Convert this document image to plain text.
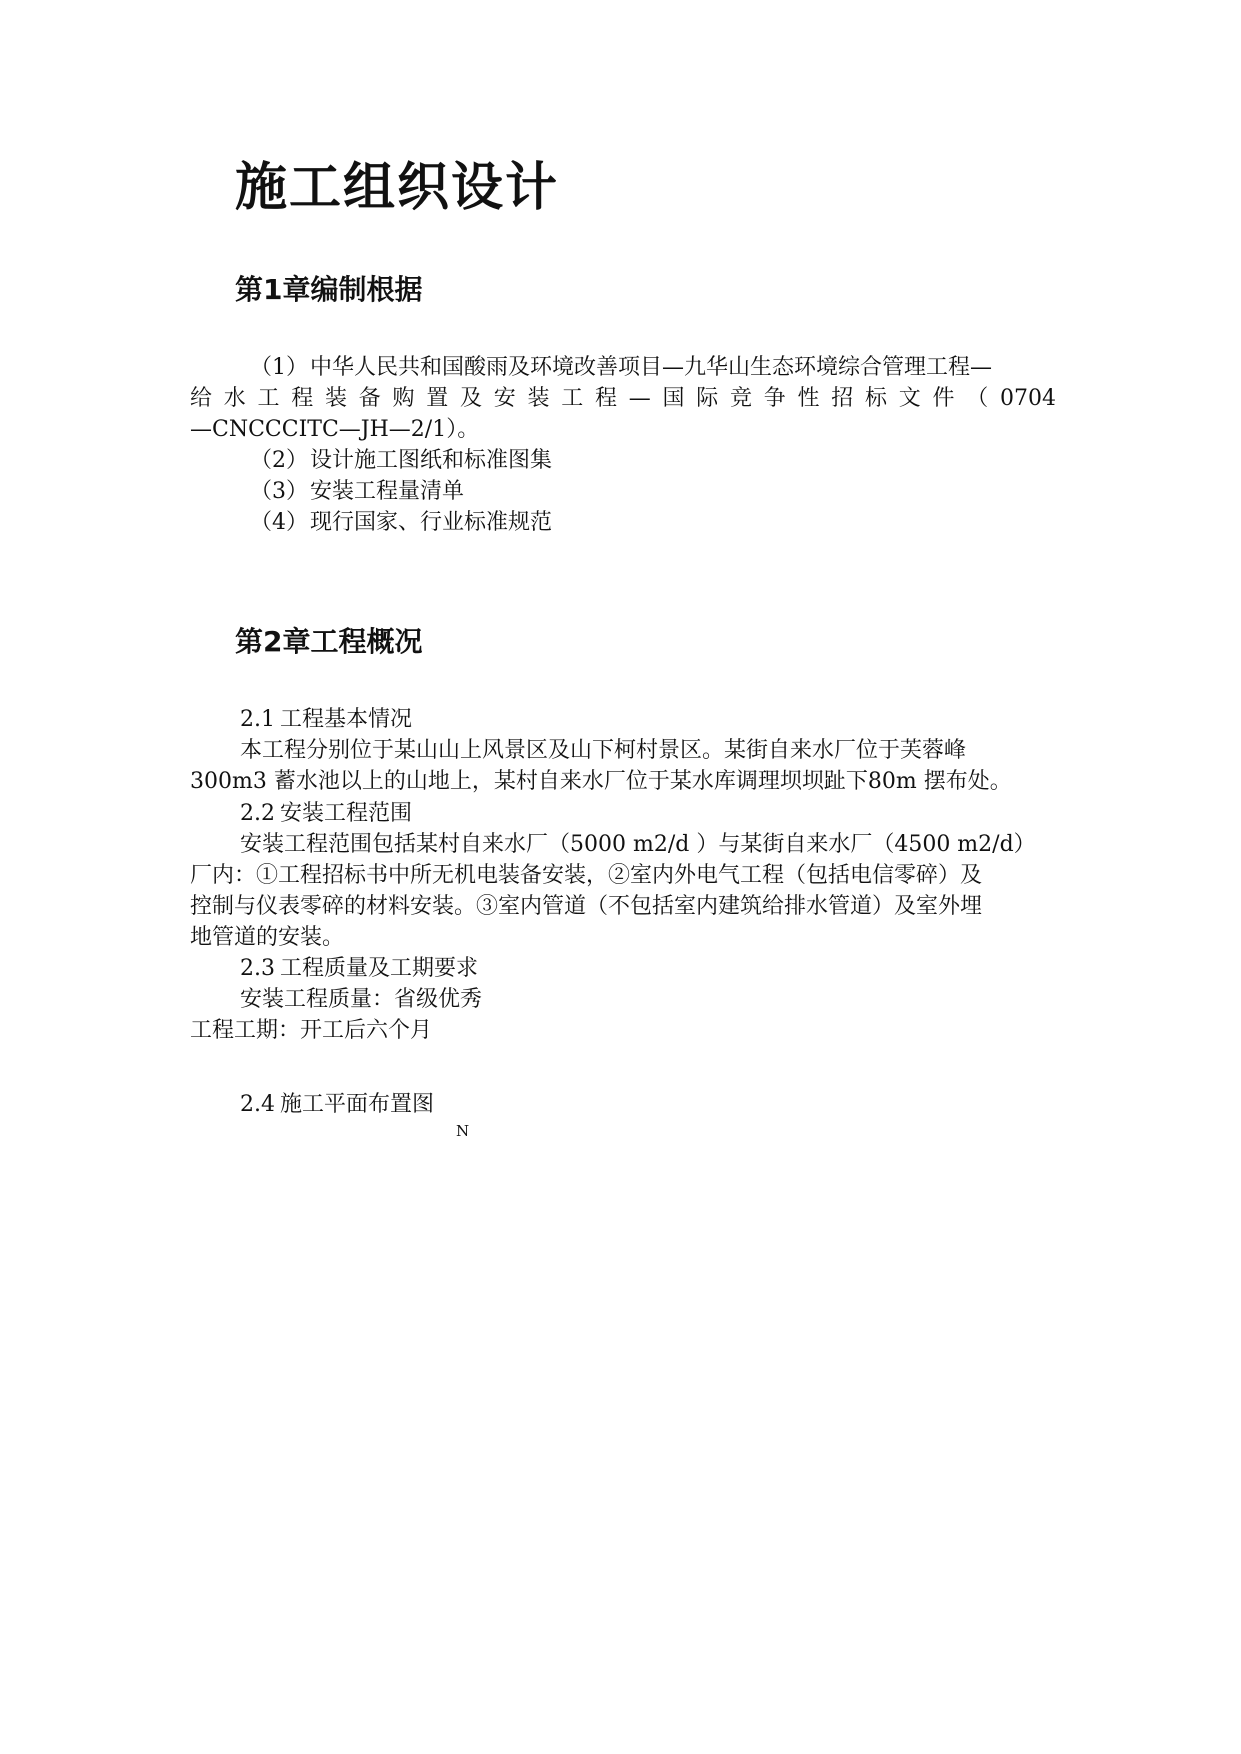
施工组织设计
第1章编制根据
（1）中华人民共和国酸雨及环境改善项目—九华山生态环境综合管理工程—
给水工程装备购置及安装工程—国际竞争性招标文件（0704
—CNCCCITC—JH—2/1）。
（2）设计施工图纸和标准图集
（3）安装工程量清单
（4）现行国家、行业标准规范
第2章工程概况
2.1 工程基本情况
本工程分别位于某山山上风景区及山下柯村景区。某街自来水厂位于芙蓉峰
300m3 蓄水池以上的山地上，某村自来水厂位于某水库调理坝坝趾下80m 摆布处。
2.2 安装工程范围
安装工程范围包括某村自来水厂（5000 m2/d ）与某街自来水厂（4500 m2/d）
厂内：①工程招标书中所无机电装备安装，②室内外电气工程（包括电信零碎）及
控制与仪表零碎的材料安装。③室内管道（不包括室内建筑给排水管道）及室外埋
地管道的安装。
2.3 工程质量及工期要求
安装工程质量：省级优秀
工程工期：开工后六个月
2.4 施工平面布置图
N
